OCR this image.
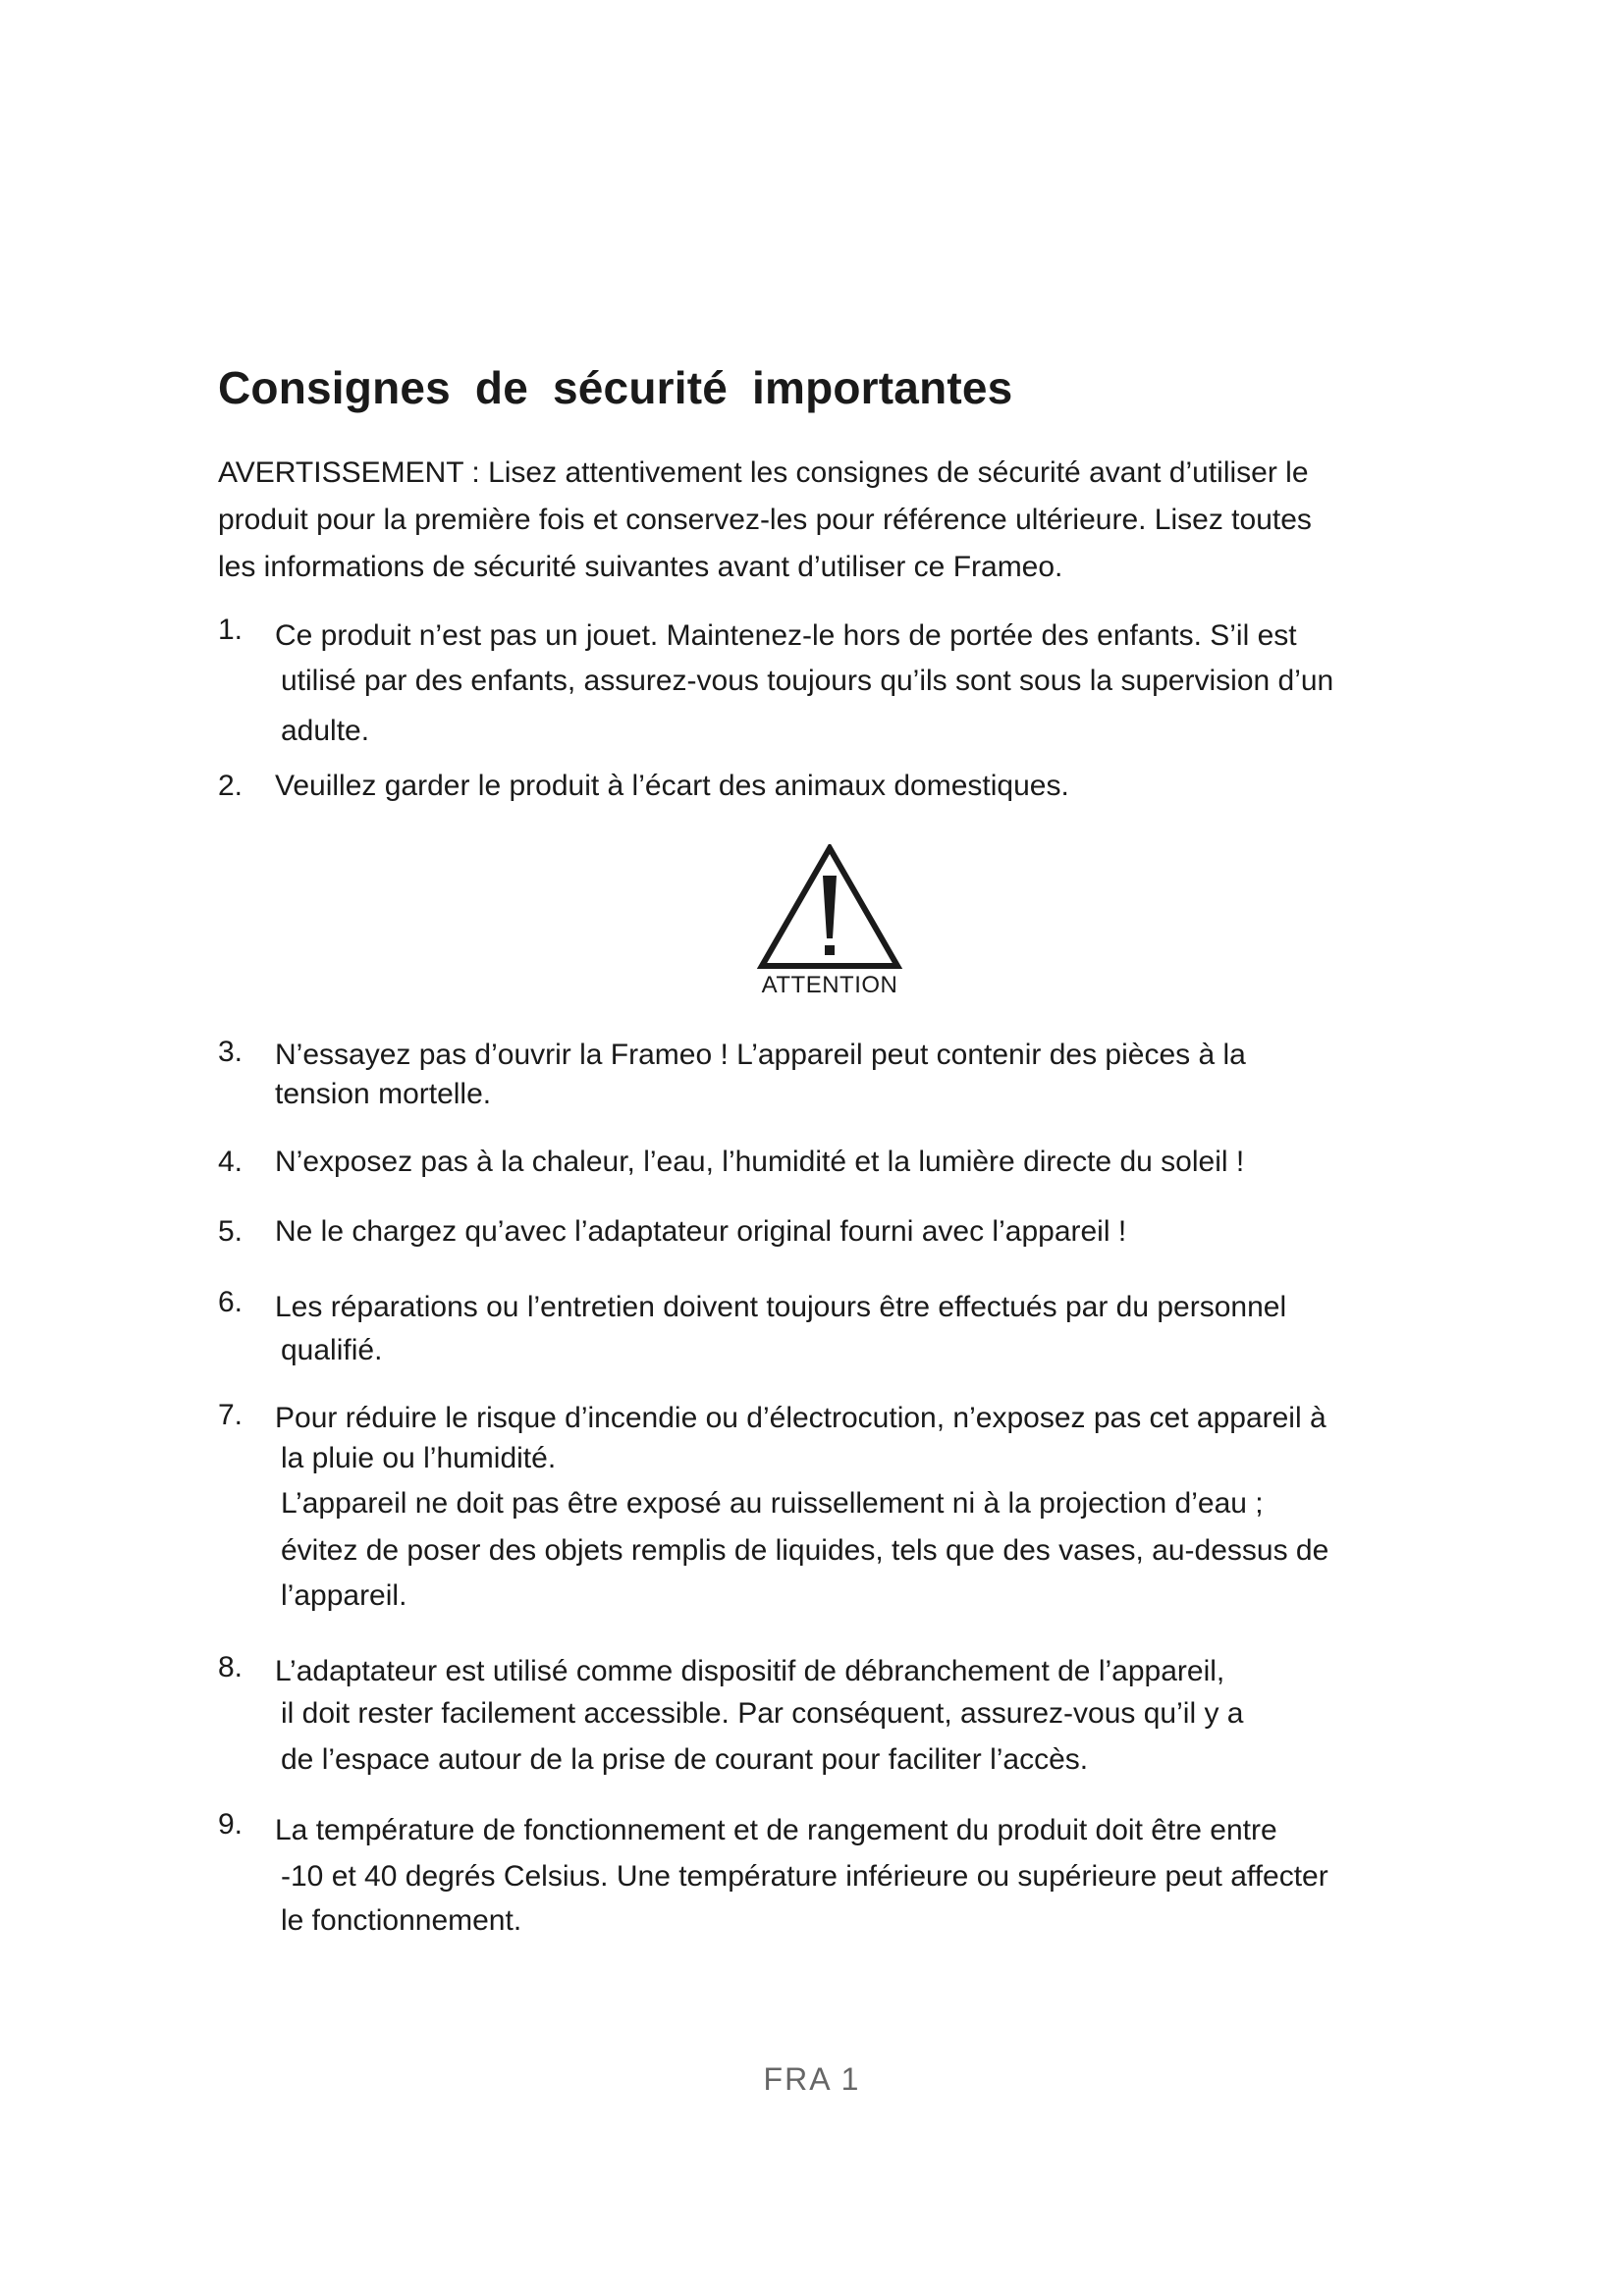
Consignes de sécurité importantes
AVERTISSEMENT : Lisez attentivement les consignes de sécurité avant d’utiliser le
produit pour la première fois et conservez-les pour référence ultérieure. Lisez toutes
les informations de sécurité suivantes avant d’utiliser ce Frameo.
1.	Ce produit n’est pas un jouet. Maintenez-le hors de portée des enfants. S’il est
utilisé par des enfants, assurez-vous toujours qu’ils sont sous la supervision d’un
adulte.
2.	Veuillez garder le produit à l’écart des animaux domestiques.
ATTENTION
3.	N’essayez pas d’ouvrir la Frameo ! L’appareil peut contenir des pièces à la
tension mortelle.
4.	N’exposez pas à la chaleur, l’eau, l’humidité et la lumière directe du soleil !
5.	Ne le chargez qu’avec l’adaptateur original fourni avec l’appareil !
6.	Les réparations ou l’entretien doivent toujours être effectués par du personnel
qualifié.
7.	Pour réduire le risque d’incendie ou d’électrocution, n’exposez pas cet appareil à
la pluie ou l’humidité.
L’appareil ne doit pas être exposé au ruissellement ni à la projection d’eau ;
évitez de poser des objets remplis de liquides, tels que des vases, au-dessus de
l’appareil.
8.	L’adaptateur est utilisé comme dispositif de débranchement de l’appareil,
il doit rester facilement accessible. Par conséquent, assurez-vous qu’il y a
de l’espace autour de la prise de courant pour faciliter l’accès.
9.	La température de fonctionnement et de rangement du produit doit être entre
-10 et 40 degrés Celsius. Une température inférieure ou supérieure peut affecter
le fonctionnement.
FRA 1
